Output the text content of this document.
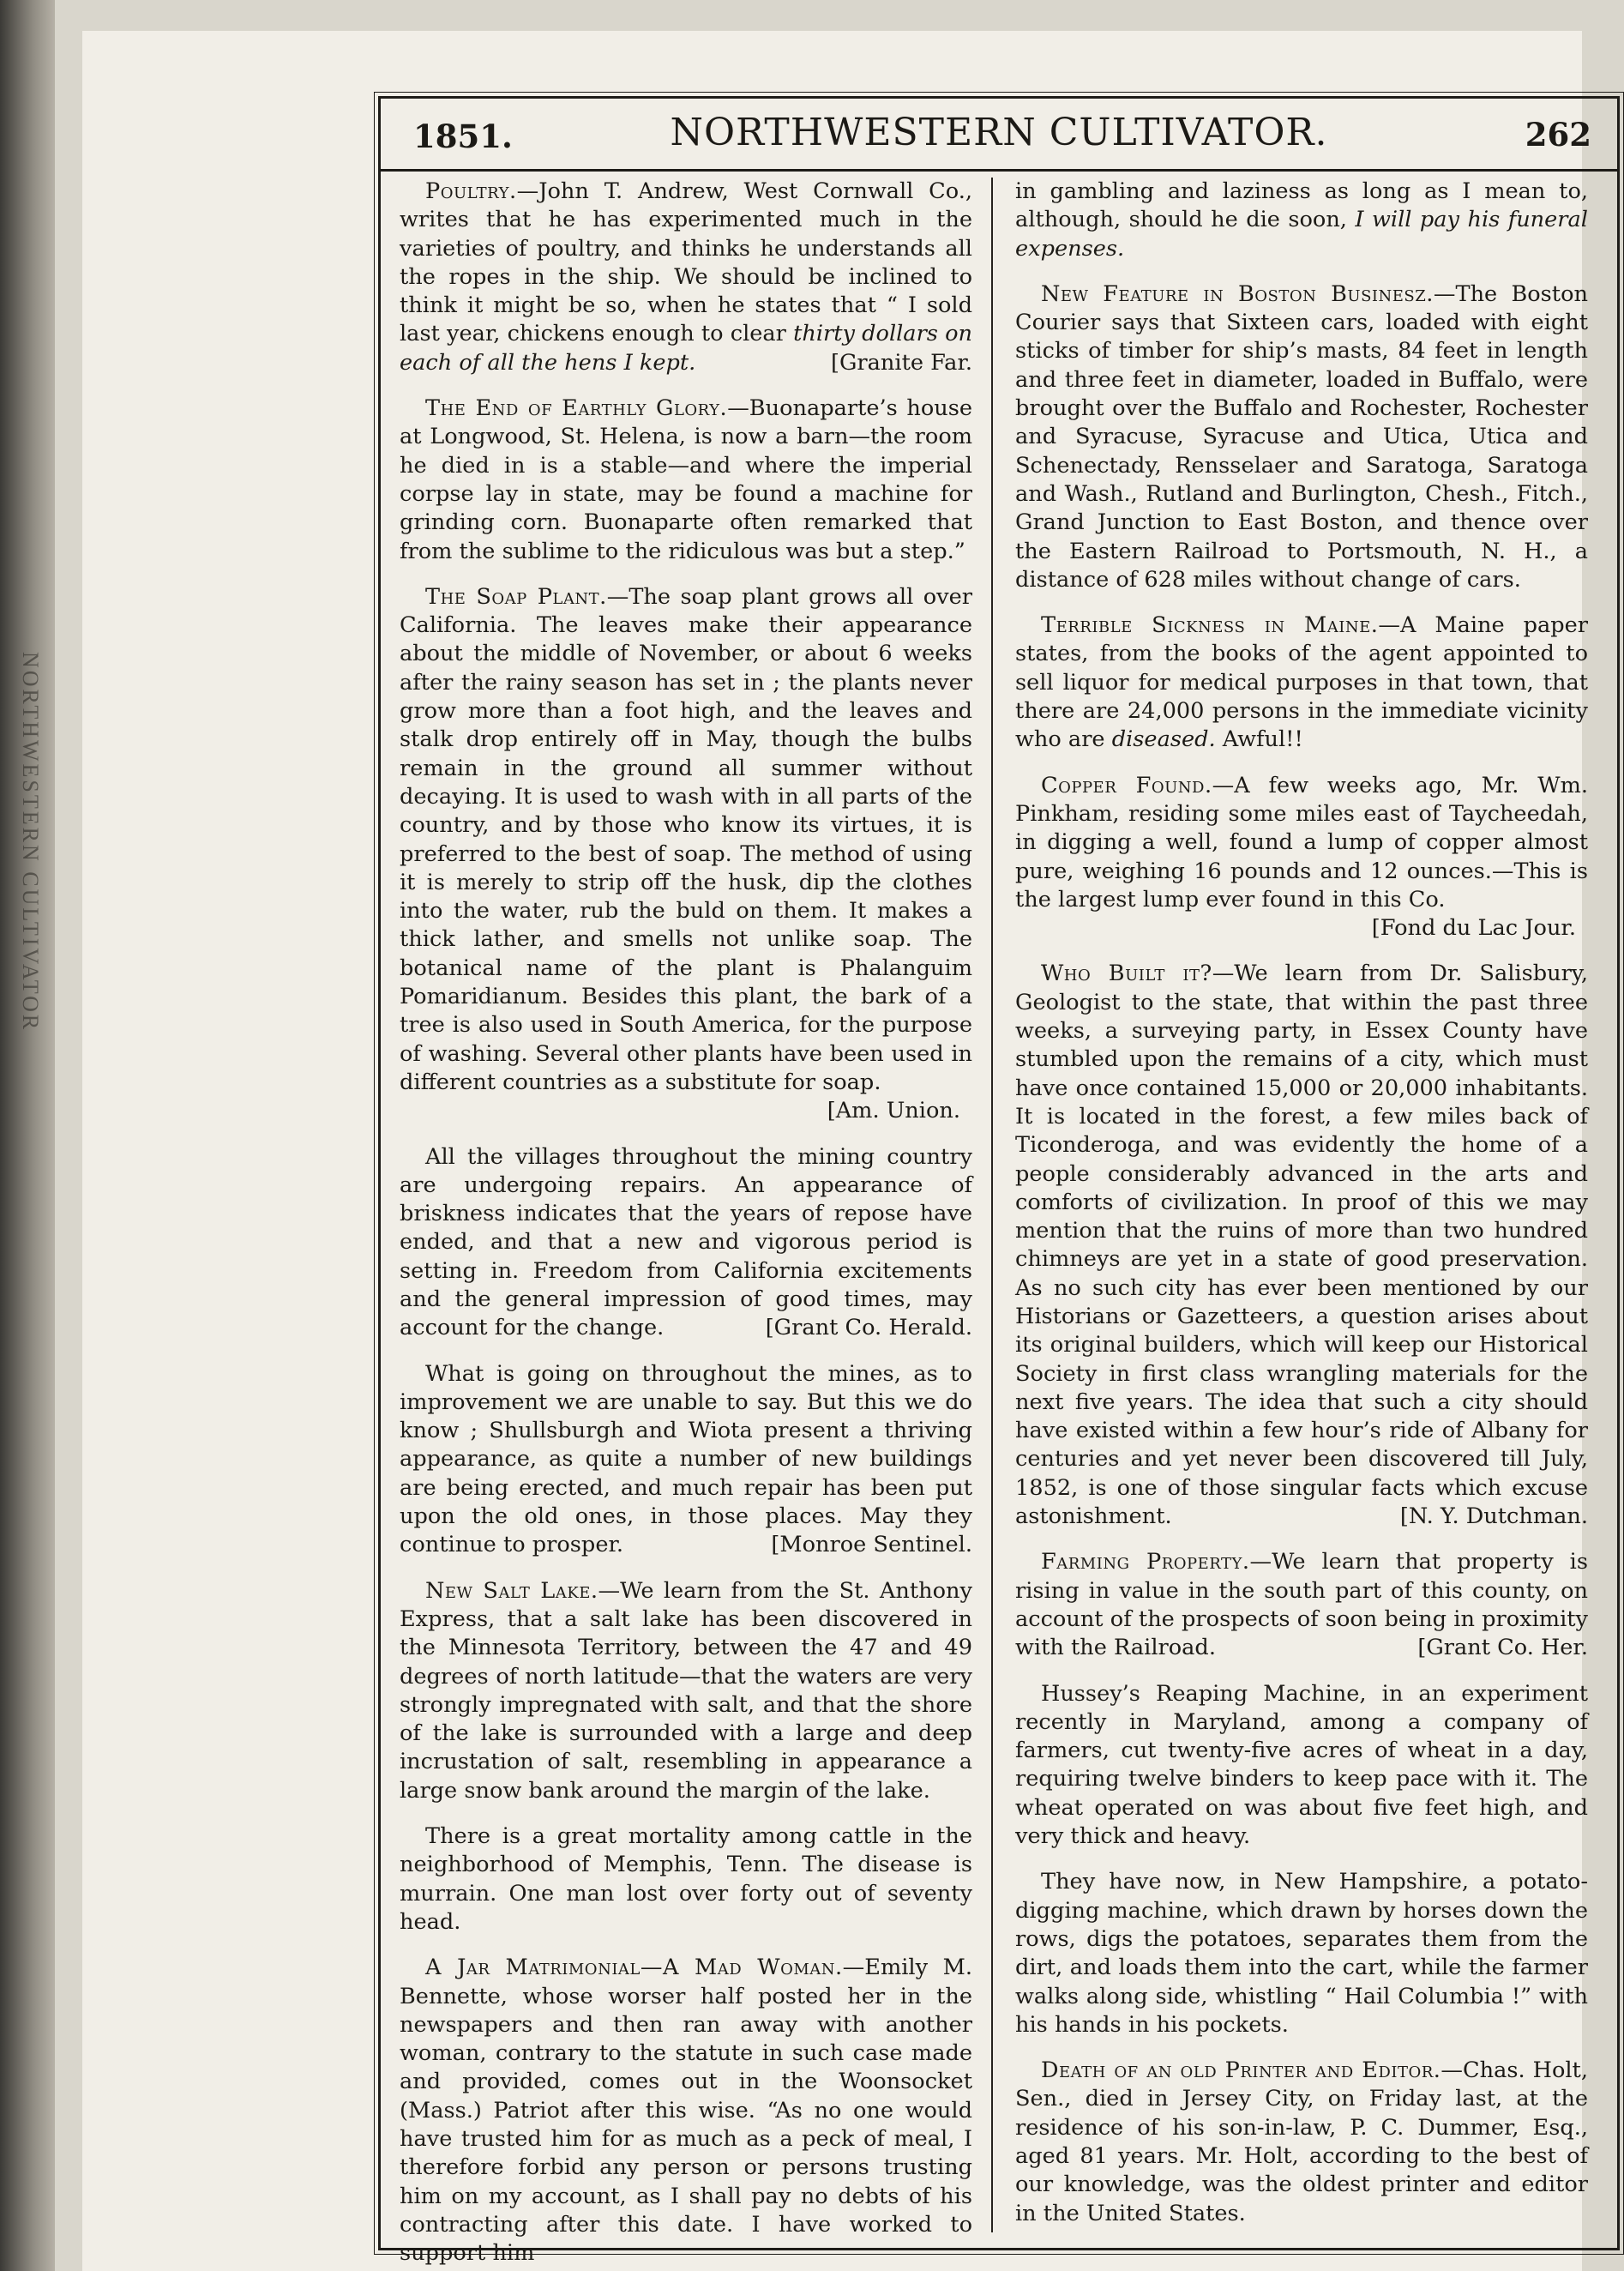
NORTHWESTERN CULTIVATOR
1851.	NORTHWESTERN CULTIVATOR.	262

Poultry.—John T. Andrew, West Cornwall Co., writes that he has experimented much in the varieties of poultry, and thinks he understands all the ropes in the ship. We should be inclined to think it might be so, when he states that “ I sold last year, chickens enough to clear thirty dollars on each of all the hens I kept.	[Granite Far.

The End of Earthly Glory.—Buonaparte’s house at Longwood, St. Helena, is now a barn—the room he died in is a stable—and where the imperial corpse lay in state, may be found a machine for grinding corn. Buonaparte often remarked that from the sublime to the ridiculous was but a step.”

The Soap Plant.—The soap plant grows all over California. The leaves make their appearance about the middle of November, or about 6 weeks after the rainy season has set in ; the plants never grow more than a foot high, and the leaves and stalk drop entirely off in May, though the bulbs remain in the ground all summer without decaying. It is used to wash with in all parts of the country, and by those who know its virtues, it is preferred to the best of soap. The method of using it is merely to strip off the husk, dip the clothes into the water, rub the buld on them. It makes a thick lather, and smells not unlike soap. The botanical name of the plant is Phalanguim Pomaridianum. Besides this plant, the bark of a tree is also used in South America, for the purpose of washing. Several other plants have been used in different countries as a substitute for soap.

[Am. Union.

All the villages throughout the mining country are undergoing repairs. An appearance of briskness indicates that the years of repose have ended, and that a new and vigorous period is setting in. Freedom from California excitements and the general impression of good times, may account for the change.	[Grant Co. Herald.

What is going on throughout the mines, as to improvement we are unable to say. But this we do know ; Shullsburgh and Wiota present a thriving appearance, as quite a number of new buildings are being erected, and much repair has been put upon the old ones, in those places. May they continue to prosper.	[Monroe Sentinel.

New Salt Lake.—We learn from the St. Anthony Express, that a salt lake has been discovered in the Minnesota Territory, between the 47 and 49 degrees of north latitude—that the waters are very strongly impregnated with salt, and that the shore of the lake is surrounded with a large and deep incrustation of salt, resembling in appearance a large snow bank around the margin of the lake.

There is a great mortality among cattle in the neighborhood of Memphis, Tenn. The disease is murrain. One man lost over forty out of seventy head.

A Jar Matrimonial—A Mad Woman.—Emily M. Bennette, whose worser half posted her in the newspapers and then ran away with another woman, contrary to the statute in such case made and provided, comes out in the Woonsocket (Mass.) Patriot after this wise. “As no one would have trusted him for as much as a peck of meal, I therefore forbid any person or persons trusting him on my account, as I shall pay no debts of his contracting after this date. I have worked to support him

in gambling and laziness as long as I mean to, although, should he die soon, I will pay his funeral expenses.

New Feature in Boston Businesz.—The Boston Courier says that Sixteen cars, loaded with eight sticks of timber for ship’s masts, 84 feet in length and three feet in diameter, loaded in Buffalo, were brought over the Buffalo and Rochester, Rochester and Syracuse, Syracuse and Utica, Utica and Schenectady, Rensselaer and Saratoga, Saratoga and Wash., Rutland and Burlington, Chesh., Fitch., Grand Junction to East Boston, and thence over the Eastern Railroad to Portsmouth, N. H., a distance of 628 miles without change of cars.

Terrible Sickness in Maine.—A Maine paper states, from the books of the agent appointed to sell liquor for medical purposes in that town, that there are 24,000 persons in the immediate vicinity who are diseased. Awful!!

Copper Found.—A few weeks ago, Mr. Wm. Pinkham, residing some miles east of Taycheedah, in digging a well, found a lump of copper almost pure, weighing 16 pounds and 12 ounces.—This is the largest lump ever found in this Co.

[Fond du Lac Jour.

Who Built it?—We learn from Dr. Salisbury, Geologist to the state, that within the past three weeks, a surveying party, in Essex County have stumbled upon the remains of a city, which must have once contained 15,000 or 20,000 inhabitants. It is located in the forest, a few miles back of Ticonderoga, and was evidently the home of a people considerably advanced in the arts and comforts of civilization. In proof of this we may mention that the ruins of more than two hundred chimneys are yet in a state of good preservation. As no such city has ever been mentioned by our Historians or Gazetteers, a question arises about its original builders, which will keep our Historical Society in first class wrangling materials for the next five years. The idea that such a city should have existed within a few hour’s ride of Albany for centuries and yet never been discovered till July, 1852, is one of those singular facts which excuse astonishment.	[N. Y. Dutchman.

Farming Property.—We learn that property is rising in value in the south part of this county, on account of the prospects of soon being in proximity with the Railroad.	[Grant Co. Her.

Hussey’s Reaping Machine, in an experiment recently in Maryland, among a company of farmers, cut twenty-five acres of wheat in a day, requiring twelve binders to keep pace with it. The wheat operated on was about five feet high, and very thick and heavy.

They have now, in New Hampshire, a potato-digging machine, which drawn by horses down the rows, digs the potatoes, separates them from the dirt, and loads them into the cart, while the farmer walks along side, whistling “ Hail Columbia !” with his hands in his pockets.

Death of an old Printer and Editor.—Chas. Holt, Sen., died in Jersey City, on Friday last, at the residence of his son-in-law, P. C. Dummer, Esq., aged 81 years. Mr. Holt, according to the best of our knowledge, was the oldest printer and editor in the United States.
